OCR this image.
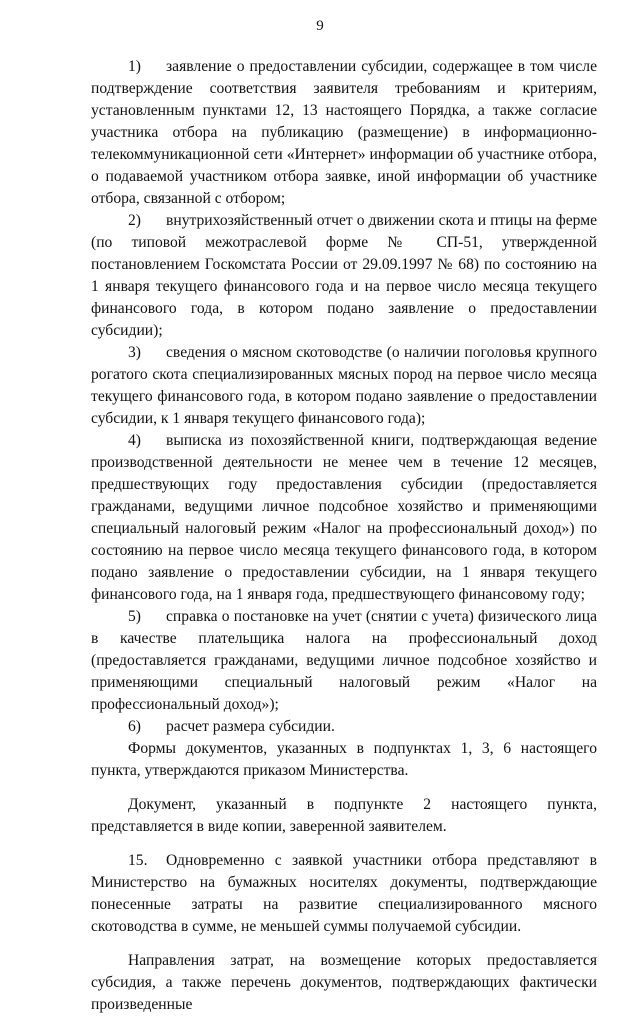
9

1) заявление о предоставлении субсидии, содержащее в том числе подтверждение соответствия заявителя требованиям и критериям, установленным пунктами 12, 13 настоящего Порядка, а также согласие участника отбора на публикацию (размещение) в информационно-телекоммуникационной сети «Интернет» информации об участнике отбора, о подаваемой участником отбора заявке, иной информации об участнике отбора, связанной с отбором;

2) внутрихозяйственный отчет о движении скота и птицы на ферме (по типовой межотраслевой форме № СП-51, утвержденной постановлением Госкомстата России от 29.09.1997 № 68) по состоянию на 1 января текущего финансового года и на первое число месяца текущего финансового года, в котором подано заявление о предоставлении субсидии);

3) сведения о мясном скотоводстве (о наличии поголовья крупного рогатого скота специализированных мясных пород на первое число месяца текущего финансового года, в котором подано заявление о предоставлении субсидии, к 1 января текущего финансового года);

4) выписка из похозяйственной книги, подтверждающая ведение производственной деятельности не менее чем в течение 12 месяцев, предшествующих году предоставления субсидии (предоставляется гражданами, ведущими личное подсобное хозяйство и применяющими специальный налоговый режим «Налог на профессиональный доход») по состоянию на первое число месяца текущего финансового года, в котором подано заявление о предоставлении субсидии, на 1 января текущего финансового года, на 1 января года, предшествующего финансовому году;

5) справка о постановке на учет (снятии с учета) физического лица в качестве плательщика налога на профессиональный доход (предоставляется гражданами, ведущими личное подсобное хозяйство и применяющими специальный налоговый режим «Налог на профессиональный доход»);

6) расчет размера субсидии.

Формы документов, указанных в подпунктах 1, 3, 6 настоящего пункта, утверждаются приказом Министерства.

Документ, указанный в подпункте 2 настоящего пункта, представляется в виде копии, заверенной заявителем.

15. Одновременно с заявкой участники отбора представляют в Министерство на бумажных носителях документы, подтверждающие понесенные затраты на развитие специализированного мясного скотоводства в сумме, не меньшей суммы получаемой субсидии.

Направления затрат, на возмещение которых предоставляется субсидия, а также перечень документов, подтверждающих фактически произведенные
